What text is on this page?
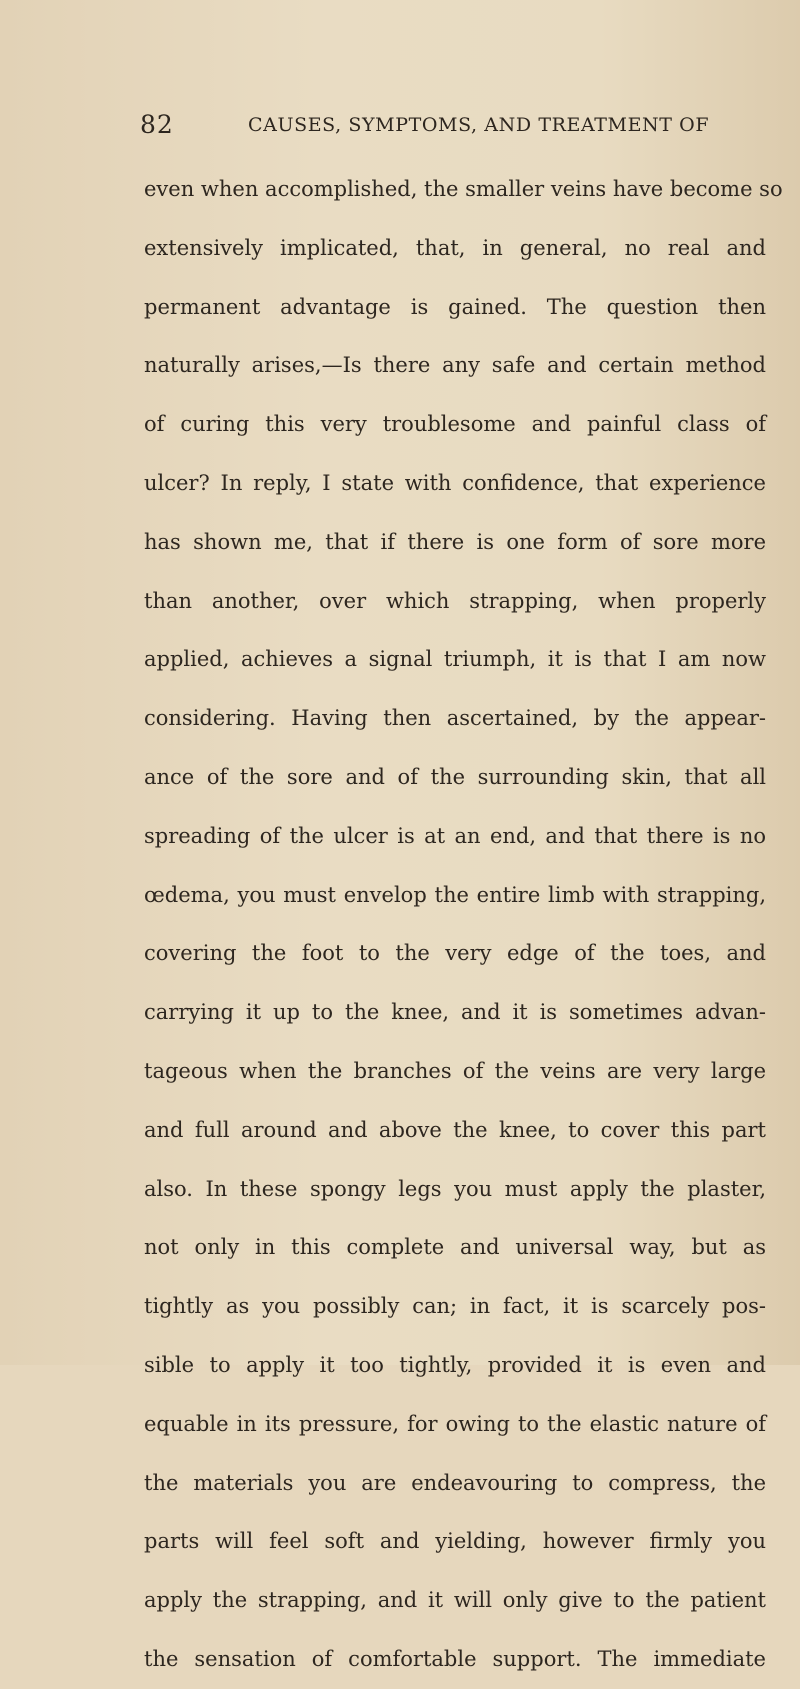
82	CAUSES, SYMPTOMS, AND TREATMENT OF
even when accomplished, the smaller veins have become so
extensively implicated, that, in general, no real and
permanent advantage is gained. The question then
naturally arises,—Is there any safe and certain method
of curing this very troublesome and painful class of
ulcer? In reply, I state with confidence, that experience
has shown me, that if there is one form of sore more
than another, over which strapping, when properly
applied, achieves a signal triumph, it is that I am now
considering. Having then ascertained, by the appear-
ance of the sore and of the surrounding skin, that all
spreading of the ulcer is at an end, and that there is no
œdema, you must envelop the entire limb with strapping,
covering the foot to the very edge of the toes, and
carrying it up to the knee, and it is sometimes advan-
tageous when the branches of the veins are very large
and full around and above the knee, to cover this part
also. In these spongy legs you must apply the plaster,
not only in this complete and universal way, but as
tightly as you possibly can; in fact, it is scarcely pos-
sible to apply it too tightly, provided it is even and
equable in its pressure, for owing to the elastic nature of
the materials you are endeavouring to compress, the
parts will feel soft and yielding, however firmly you
apply the strapping, and it will only give to the patient
the sensation of comfortable support. The immediate
